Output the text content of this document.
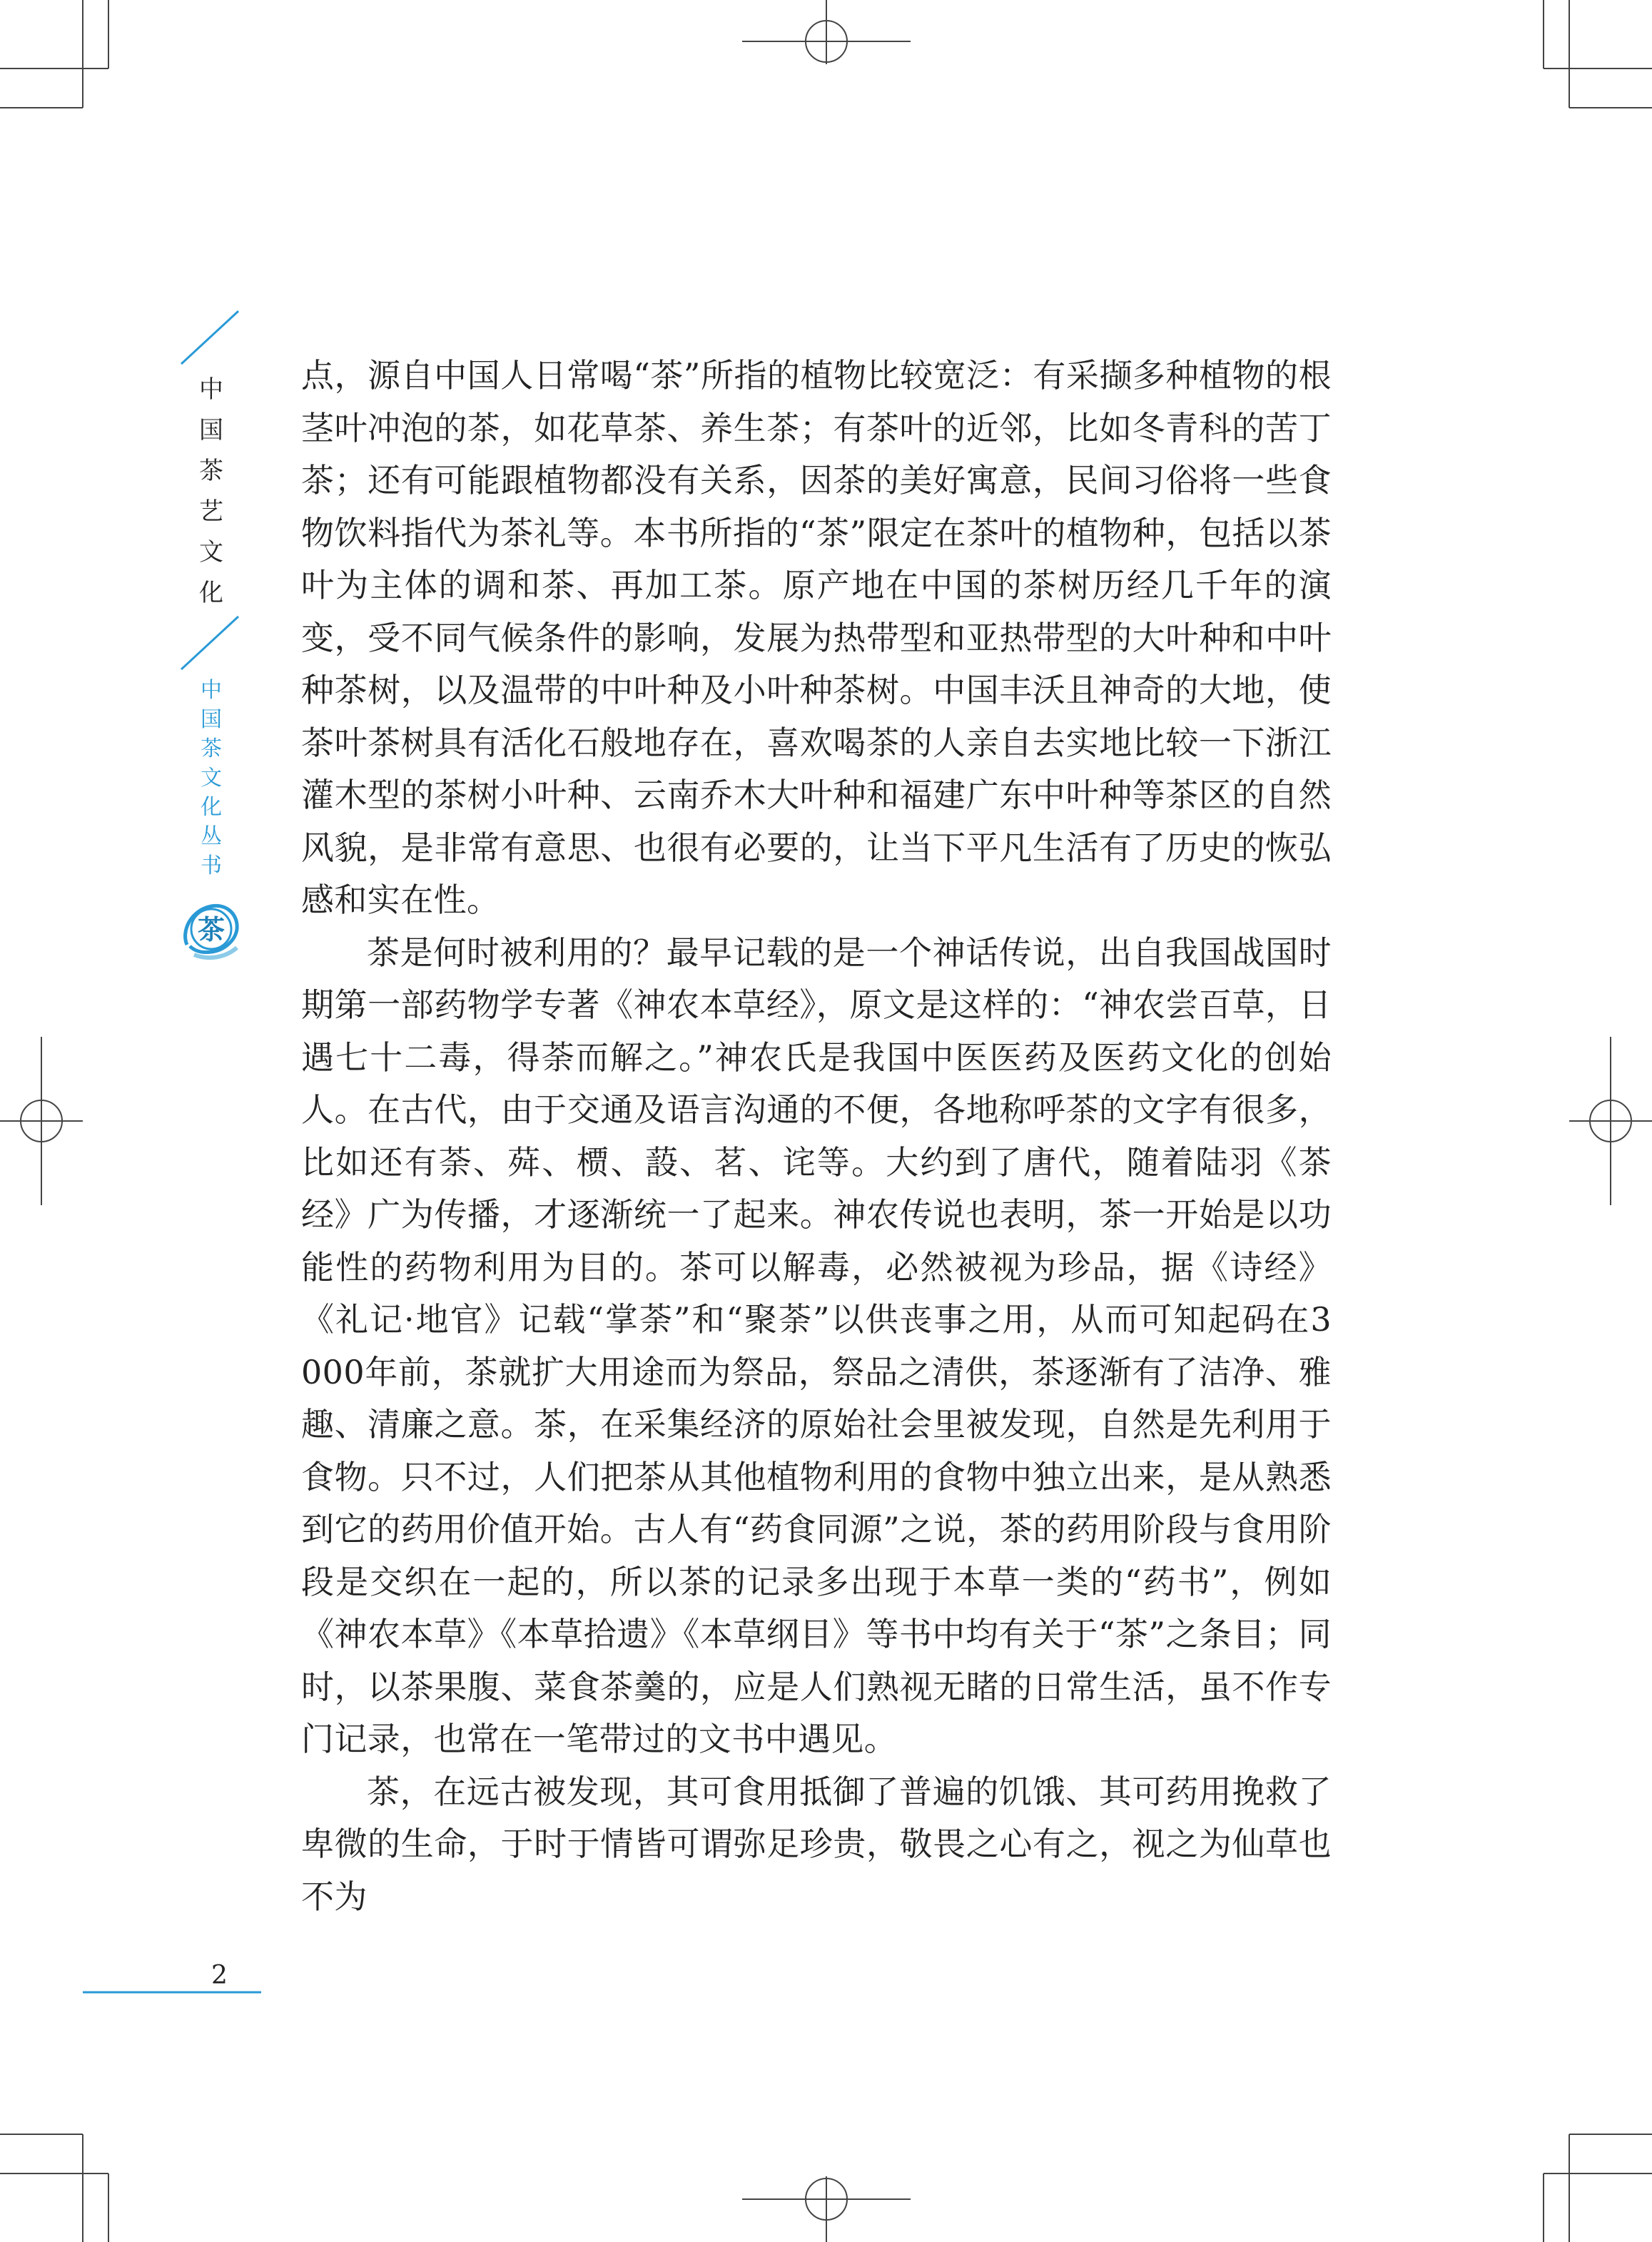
中
国
茶
艺
文
化
中
国
茶
文
化
丛
书
茶

点，源自中国人日常喝“茶”所指的植物比较宽泛：有采撷多种植物的根茎叶冲泡的茶，如花草茶、养生茶；有茶叶的近邻，比如冬青科的苦丁茶；还有可能跟植物都没有关系，因茶的美好寓意，民间习俗将一些食物饮料指代为茶礼等。本书所指的“茶”限定在茶叶的植物种，包括以茶叶为主体的调和茶、再加工茶。原产地在中国的茶树历经几千年的演变，受不同气候条件的影响，发展为热带型和亚热带型的大叶种和中叶种茶树，以及温带的中叶种及小叶种茶树。中国丰沃且神奇的大地，使茶叶茶树具有活化石般地存在，喜欢喝茶的人亲自去实地比较一下浙江灌木型的茶树小叶种、云南乔木大叶种和福建广东中叶种等茶区的自然风貌，是非常有意思、也很有必要的，让当下平凡生活有了历史的恢弘感和实在性。

茶是何时被利用的？最早记载的是一个神话传说，出自我国战国时期第一部药物学专著《神农本草经》，原文是这样的：“神农尝百草，日遇七十二毒，得荼而解之。”神农氏是我国中医医药及医药文化的创始人。在古代，由于交通及语言沟通的不便，各地称呼茶的文字有很多，比如还有荼、荈、槚、蔎、茗、诧等。大约到了唐代，随着陆羽《茶经》广为传播，才逐渐统一了起来。神农传说也表明，茶一开始是以功能性的药物利用为目的。茶可以解毒，必然被视为珍品，据《诗经》《礼记·地官》记载“掌荼”和“聚荼”以供丧事之用，从而可知起码在3 000年前，茶就扩大用途而为祭品，祭品之清供，茶逐渐有了洁净、雅趣、清廉之意。茶，在采集经济的原始社会里被发现，自然是先利用于食物。只不过，人们把茶从其他植物利用的食物中独立出来，是从熟悉到它的药用价值开始。古人有“药食同源”之说，茶的药用阶段与食用阶段是交织在一起的，所以茶的记录多出现于本草一类的“药书”，例如《神农本草》《本草拾遗》《本草纲目》等书中均有关于“茶”之条目；同时，以茶果腹、菜食茶羹的，应是人们熟视无睹的日常生活，虽不作专门记录，也常在一笔带过的文书中遇见。

茶，在远古被发现，其可食用抵御了普遍的饥饿、其可药用挽救了卑微的生命，于时于情皆可谓弥足珍贵，敬畏之心有之，视之为仙草也不为

2
